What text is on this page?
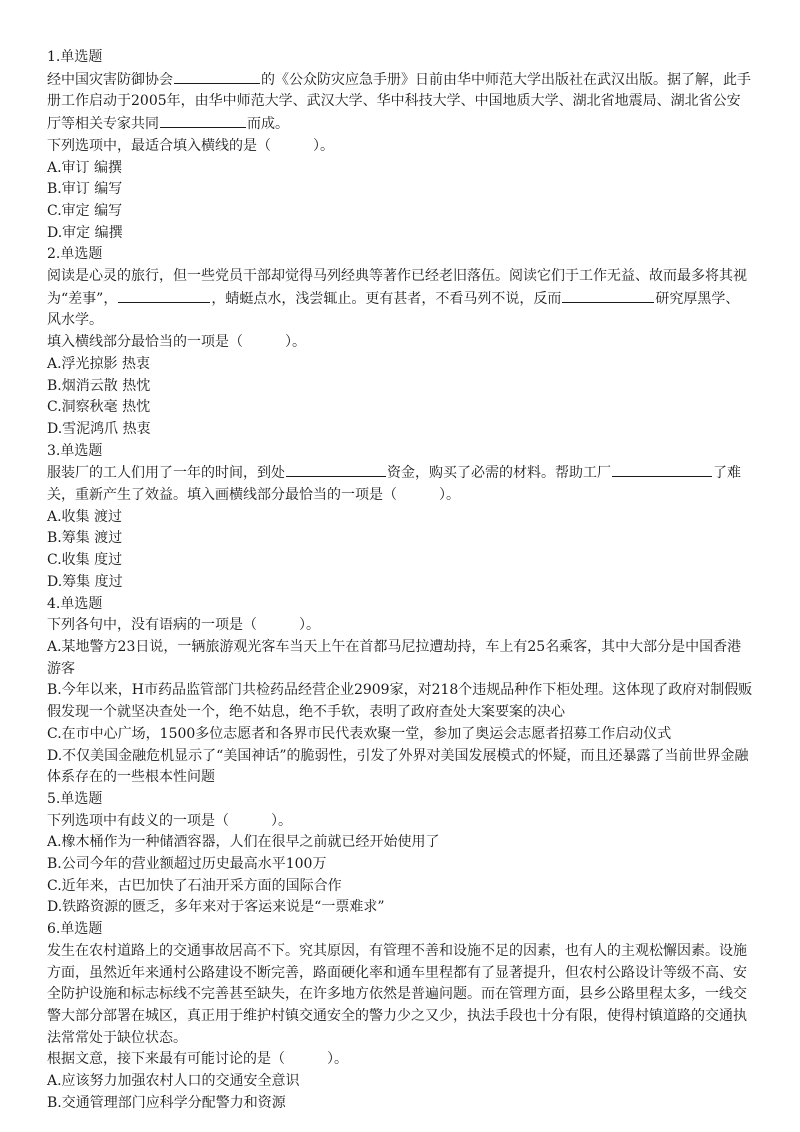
1.单选题
经中国灾害防御协会	的《公众防灾应急手册》日前由华中师范大学出版社在武汉出版。据了解，此手册工作启动于2005年，由华中师范大学、武汉大学、华中科技大学、中国地质大学、湖北省地震局、湖北省公安厅等相关专家共同	而成。
下列选项中，最适合填入横线的是（　　　）。
A.审订 编撰
B.审订 编写
C.审定 编写
D.审定 编撰
2.单选题
阅读是心灵的旅行，但一些党员干部却觉得马列经典等著作已经老旧落伍。阅读它们于工作无益、故而最多将其视为“差事”，	，蜻蜓点水，浅尝辄止。更有甚者，不看马列不说，反而	研究厚黑学、风水学。
填入横线部分最恰当的一项是（　　　）。
A.浮光掠影 热衷
B.烟消云散 热忱
C.洞察秋毫 热忱
D.雪泥鸿爪 热衷
3.单选题
服装厂的工人们用了一年的时间，到处	资金，购买了必需的材料。帮助工厂	了难关，重新产生了效益。填入画横线部分最恰当的一项是（　　　）。
A.收集 渡过
B.筹集 渡过
C.收集 度过
D.筹集 度过
4.单选题
下列各句中，没有语病的一项是（　　　）。
A.某地警方23日说，一辆旅游观光客车当天上午在首都马尼拉遭劫持，车上有25名乘客，其中大部分是中国香港游客
B.今年以来，H市药品监管部门共检药品经营企业2909家，对218个违规品种作下柜处理。这体现了政府对制假贩假发现一个就坚决查处一个，绝不姑息，绝不手软，表明了政府查处大案要案的决心
C.在市中心广场，1500多位志愿者和各界市民代表欢聚一堂，参加了奥运会志愿者招募工作启动仪式
D.不仅美国金融危机显示了“美国神话”的脆弱性，引发了外界对美国发展模式的怀疑，而且还暴露了当前世界金融体系存在的一些根本性问题
5.单选题
下列选项中有歧义的一项是（　　　）。
A.橡木桶作为一种储酒容器，人们在很早之前就已经开始使用了
B.公司今年的营业额超过历史最高水平100万
C.近年来，古巴加快了石油开采方面的国际合作
D.铁路资源的匮乏，多年来对于客运来说是“一票难求”
6.单选题
发生在农村道路上的交通事故居高不下。究其原因，有管理不善和设施不足的因素，也有人的主观松懈因素。设施方面，虽然近年来通村公路建设不断完善，路面硬化率和通车里程都有了显著提升，但农村公路设计等级不高、安全防护设施和标志标线不完善甚至缺失，在许多地方依然是普遍问题。而在管理方面，县乡公路里程太多，一线交警大部分部署在城区，真正用于维护村镇交通安全的警力少之又少，执法手段也十分有限，使得村镇道路的交通执法常常处于缺位状态。
根据文意，接下来最有可能讨论的是（　　　）。
A.应该努力加强农村人口的交通安全意识
B.交通管理部门应科学分配警力和资源
